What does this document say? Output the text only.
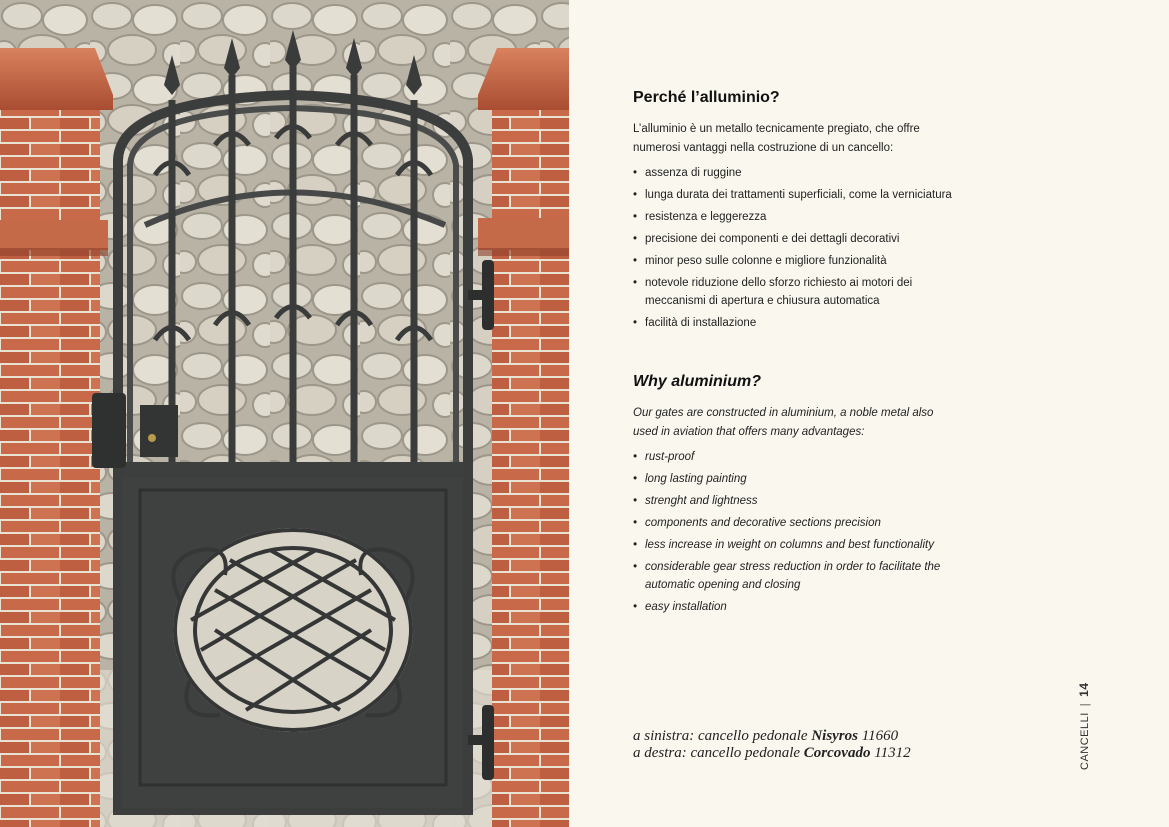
Perché l’alluminio?
L’alluminio è un metallo tecnicamente pregiato, che offre
numerosi vantaggi nella costruzione di un cancello:
• assenza di ruggine
• lunga durata dei trattamenti superficiali, come la verniciatura
• resistenza e leggerezza
• precisione dei componenti e dei dettagli decorativi
• minor peso sulle colonne e migliore funzionalità
• notevole riduzione dello sforzo richiesto ai motori dei meccanismi di apertura e chiusura automatica
• facilità di installazione
Why aluminium?
Our gates are constructed in aluminium, a noble metal also
used in aviation that offers many advantages:
• rust-proof
• long lasting painting
• strenght and lightness
• components and decorative sections precision
• less increase in weight on columns and best functionality
• considerable gear stress reduction in order to facilitate the automatic opening and closing
• easy installation
a sinistra: cancello pedonale Nisyros 11660
a destra: cancello pedonale Corcovado 11312	CANCELLI|14
